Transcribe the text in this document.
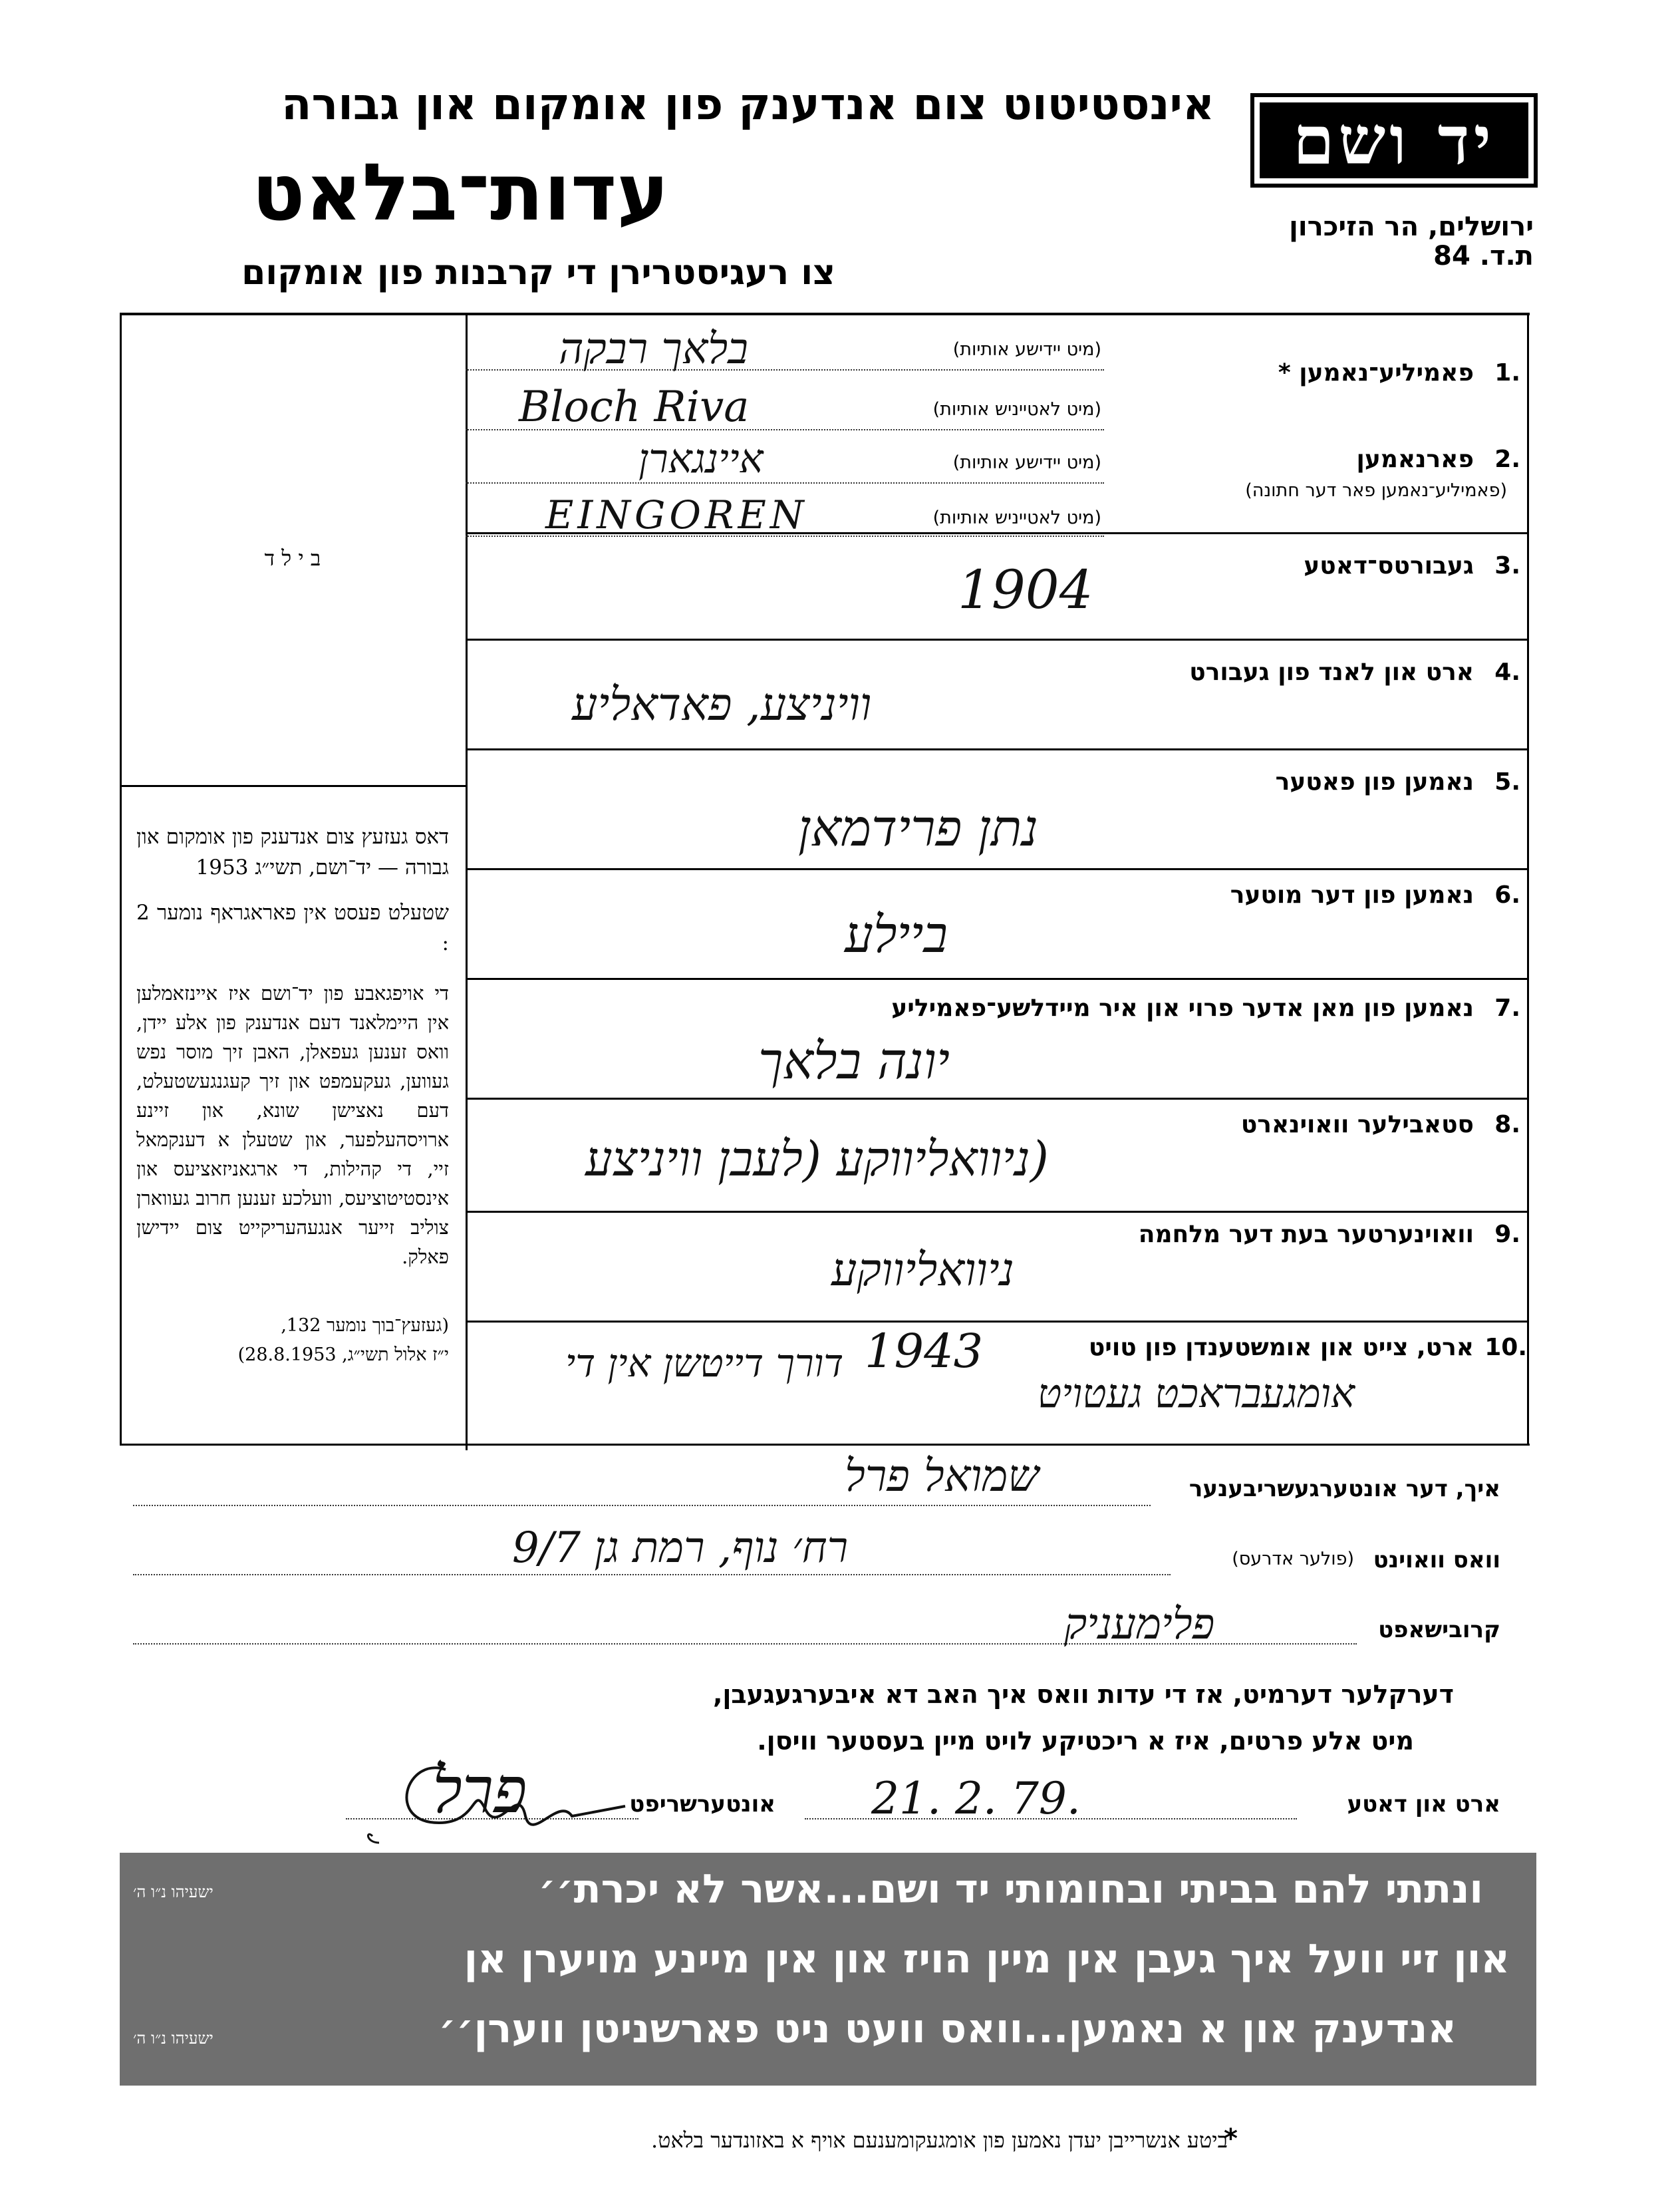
יד ושם
אינסטיטוט צום אנדענק פון אומקום און גבורה
עדות־בלאט
צו רעגיסטרירן די קרבנות פון אומקום
ירושלים, הר הזיכרון
ת.ד. 84
ב י ל ד
דאס געזעץ צום אנדענק פון אומקום און גבורה — יד־ושם, תשי״ג 1953
שטעלט פעסט אין פאראגראף נומער 2 :
די אויפגאבע פון יד־ושם איז איינזאמלען אין היימלאנד דעם אנדענק פון אלע יידן, וואס זענען געפאלן, האבן זיך מוסר נפש געווען, געקעמפט און זיך קעגנגעשטעלט, דעם נאצישן שונא, און זיינע ארויסהעלפער, און שטעלן א דענקמאל זיי, די קהילות, די ארגאניזאציעס און אינסטיטוציעס, וועלכע זענען חרוב געווארן צוליב זייער אנגעהעריקייט צום יידישן פאלק.
(געזעץ־בוך נומער 132,
י״ז אלול תשי״ג, 28.8.1953)
1.
פאמיליע־נאמען *
(מיט יידישע אותיות)
(מיט לאטייניש אותיות)
בלאך רבקה
Bloch Riva
2.
פארנאמען
(פאמיליע־נאמען פאר דער חתונה)
(מיט יידישע אותיות)
(מיט לאטייניש אותיות)
איינגארן
EINGOREN
3.
געבורטס־דאטע
1904
4.
ארט און לאנד פון געבורט
וויניצע, פאדאליע
5.
נאמען פון פאטער
נתן פרידמאן
6.
נאמען פון דער מוטער
ביילע
7.
נאמען פון מאן אדער פרוי און איר מיידלשע־פאמיליע
יונה בלאך
8.
סטאבילער וואוינארט
(ניוואליווקע (לעבן וויניצע
9.
וואוינערטער בעת דער מלחמה
ניוואליווקע
10.
ארט, צייט און אומשטענדן פון טויט
אומגעבראכט געטויט
1943
דורך דייטשן אין די
איך, דער אונטערגעשריבענער
שמואל פרל
וואס וואוינט
(פולער אדרעס)
רח׳ נוף, רמת גן 9/7
קרובישאפט
פלימעניק
דערקלער דערמיט, אז די עדות וואס איך האב דא איבערגעגעבן,
מיט אלע פרטים, איז א ריכטיקע לויט מיין בעסטער וויסן.
ארט און דאטע
21. 2. 79.
אונטערשריפט
פרל
ונתתי להם בביתי ובחומותי יד ושם...אשר לא יכרת׳׳
ישעיהו נ״ו ה׳
און זיי וועל איך געבן אין מיין הויז און אין מיינע מויערן אן
אנדענק און א נאמען...וואס וועט ניט פארשניטן ווערן׳׳
ישעיהו נ״ו ה׳
ביטע אנשרייבן יעדן נאמען פון אומגעקומענעם אויף א באזונדער בלאט.
*
